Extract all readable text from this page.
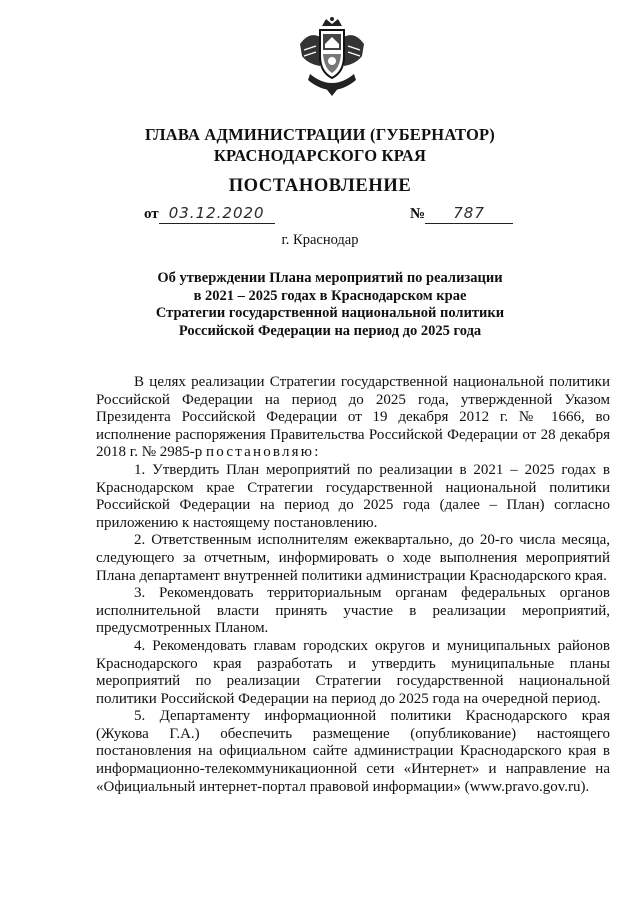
ГЛАВА АДМИНИСТРАЦИИ (ГУБЕРНАТОР)
КРАСНОДАРСКОГО КРАЯ
ПОСТАНОВЛЕНИЕ
от 03.12.2020	№ 787
г. Краснодар
Об утверждении Плана мероприятий по реализации
в 2021 – 2025 годах в Краснодарском крае
Стратегии государственной национальной политики
Российской Федерации на период до 2025 года

В целях реализации Стратегии государственной национальной политики Российской Федерации на период до 2025 года, утвержденной Указом Президента Российской Федерации от 19 декабря 2012 г. № 1666, во исполнение распоряжения Правительства Российской Федерации от 28 декабря 2018 г. № 2985-р постановляю:

1. Утвердить План мероприятий по реализации в 2021 – 2025 годах в Краснодарском крае Стратегии государственной национальной политики Российской Федерации на период до 2025 года (далее – План) согласно приложению к настоящему постановлению.

2. Ответственным исполнителям ежеквартально, до 20-го числа месяца, следующего за отчетным, информировать о ходе выполнения мероприятий Плана департамент внутренней политики администрации Краснодарского края.

3. Рекомендовать территориальным органам федеральных органов исполнительной власти принять участие в реализации мероприятий, предусмотренных Планом.

4. Рекомендовать главам городских округов и муниципальных районов Краснодарского края разработать и утвердить муниципальные планы мероприятий по реализации Стратегии государственной национальной политики Российской Федерации на период до 2025 года на очередной период.

5. Департаменту информационной политики Краснодарского края (Жукова Г.А.) обеспечить размещение (опубликование) настоящего постановления на официальном сайте администрации Краснодарского края в информационно-телекоммуникационной сети «Интернет» и направление на «Официальный интернет-портал правовой информации» (www.pravo.gov.ru).
